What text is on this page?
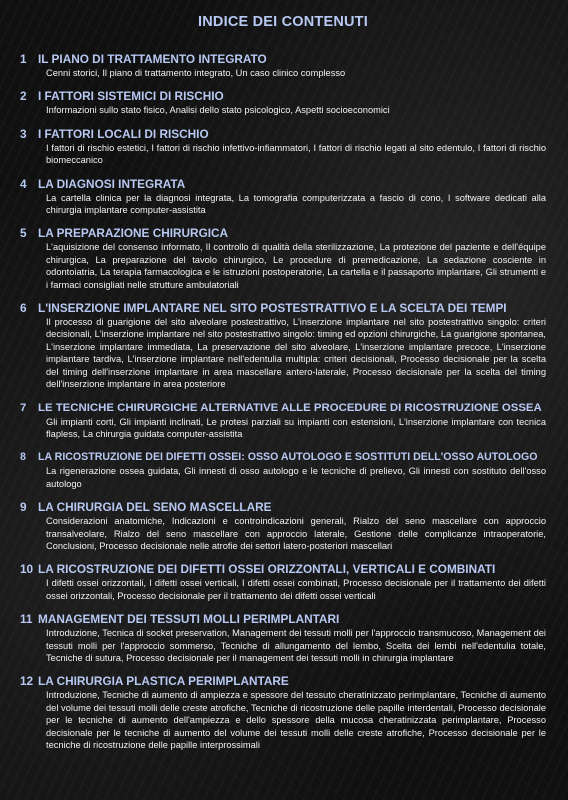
INDICE DEI CONTENUTI
1 IL PIANO DI TRATTAMENTO INTEGRATO
Cenni storici, Il piano di trattamento integrato, Un caso clinico complesso
2 I FATTORI SISTEMICI DI RISCHIO
Informazioni sullo stato fisico, Analisi dello stato psicologico, Aspetti socioeconomici
3 I FATTORI LOCALI DI RISCHIO
I fattori di rischio estetici, I fattori di rischio infettivo-infiammatori, I fattori di rischio legati al sito edentulo, I fattori di rischio biomeccanico
4 LA DIAGNOSI INTEGRATA
La cartella clinica per la diagnosi integrata, La tomografia computerizzata a fascio di cono, I software dedicati alla chirurgia implantare computer-assistita
5 LA PREPARAZIONE CHIRURGICA
L'aquisizione del consenso informato, Il controllo di qualità della sterilizzazione, La protezione del paziente e dell'équipe chirurgica, La preparazione del tavolo chirurgico, Le procedure di premedicazione, La sedazione cosciente in odontoiatria, La terapia farmacologica e le istruzioni postoperatorie, La cartella e il passaporto implantare, Gli strumenti e i farmaci consigliati nelle strutture ambulatoriali
6 L'INSERZIONE IMPLANTARE NEL SITO POSTESTRATTIVO E LA SCELTA DEI TEMPI
Il processo di guarigione del sito alveolare postestrattivo, L'inserzione implantare nel sito postestrattivo singolo: criteri decisionali, L'inserzione implantare nel sito postestrattivo singolo: timing ed opzioni chirurgiche, La guarigione spontanea, L'inserzione implantare immediata, La preservazione del sito alveolare, L'inserzione implantare precoce, L'inserzione implantare tardiva, L'inserzione implantare nell'edentulia multipla: criteri decisionali, Processo decisionale per la scelta del timing dell'inserzione implantare in area mascellare antero-laterale, Processo decisionale per la scelta del timing dell'inserzione implantare in area posteriore
7	LE TECNICHE CHIRURGICHE ALTERNATIVE ALLE PROCEDURE DI RICOSTRUZIONE OSSEA
Gli impianti corti, Gli impianti inclinati, Le protesi parziali su impianti con estensioni, L'inserzione implantare con tecnica flapless, La chirurgia guidata computer-assistita
8	LA RICOSTRUZIONE DEI DIFETTI OSSEI: OSSO AUTOLOGO E SOSTITUTI DELL'OSSO AUTOLOGO
La rigenerazione ossea guidata, Gli innesti di osso autologo e le tecniche di prelievo, Gli innesti con sostituto dell'osso autologo
9 LA CHIRURGIA DEL SENO MASCELLARE
Considerazioni anatomiche, Indicazioni e controindicazioni generali, Rialzo del seno mascellare con approccio transalveolare, Rialzo del seno mascellare con approccio laterale, Gestione delle complicanze intraoperatorie, Conclusioni, Processo decisionale nelle atrofie dei settori latero-posteriori mascellari
10 LA RICOSTRUZIONE DEI DIFETTI OSSEI ORIZZONTALI, VERTICALI E COMBINATI
I difetti ossei orizzontali, I difetti ossei verticali, I difetti ossei combinati, Processo decisionale per il trattamento dei difetti ossei orizzontali, Processo decisionale per il trattamento dei difetti ossei verticali
11 MANAGEMENT DEI TESSUTI MOLLI PERIMPLANTARI
Introduzione, Tecnica di socket preservation, Management dei tessuti molli per l'approccio transmucoso, Management dei tessuti molli per l'approccio sommerso, Tecniche di allungamento del lembo, Scelta dei lembi nell'edentulia totale, Tecniche di sutura, Processo decisionale per il management dei tessuti molli in chirurgia implantare
12 LA CHIRURGIA PLASTICA PERIMPLANTARE
Introduzione, Tecniche di aumento di ampiezza e spessore del tessuto cheratinizzato perimplantare, Tecniche di aumento del volume dei tessuti molli delle creste atrofiche, Tecniche di ricostruzione delle papille interdentali, Processo decisionale per le tecniche di aumento dell'ampiezza e dello spessore della mucosa cheratinizzata perimplantare, Processo decisionale per le tecniche di aumento del volume dei tessuti molli delle creste atrofiche, Processo decisionale per le tecniche di ricostruzione delle papille interprossimali
